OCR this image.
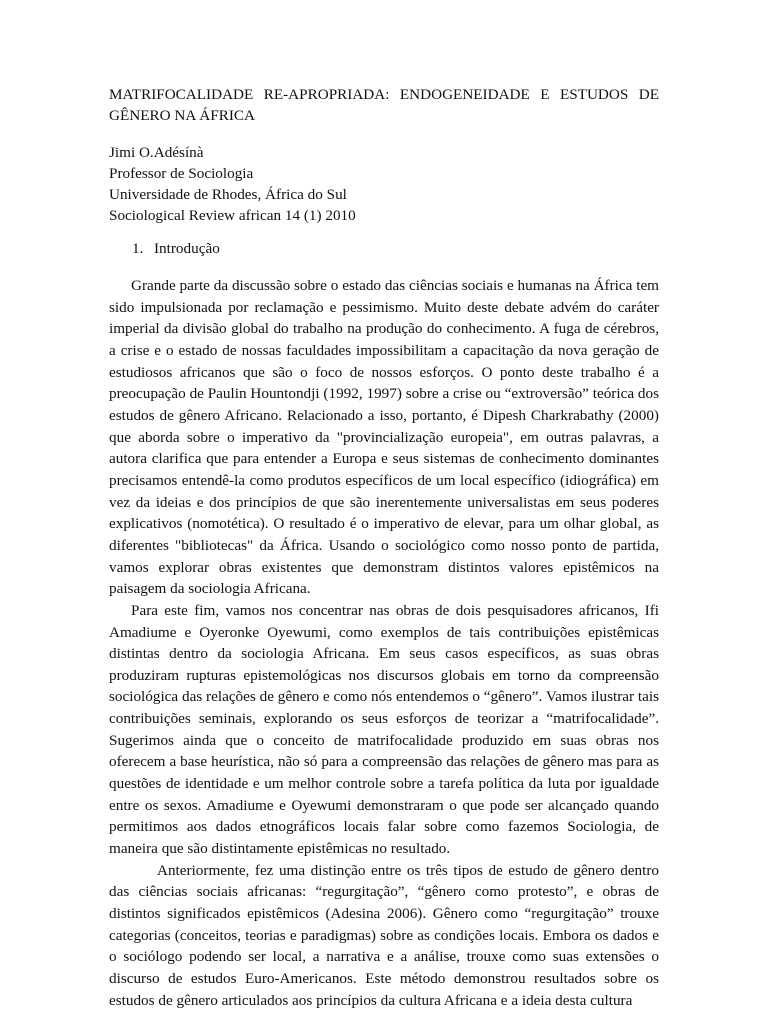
MATRIFOCALIDADE RE-APROPRIADA: ENDOGENEIDADE E ESTUDOS DE GÊNERO NA ÁFRICA
Jimi O.Adésínà
Professor de Sociologia
Universidade de Rhodes, África do Sul
Sociological Review african 14 (1) 2010
1. Introdução

Grande parte da discussão sobre o estado das ciências sociais e humanas na África tem sido impulsionada por reclamação e pessimismo. Muito deste debate advém do caráter imperial da divisão global do trabalho na produção do conhecimento. A fuga de cérebros, a crise e o estado de nossas faculdades impossibilitam a capacitação da nova geração de estudiosos africanos que são o foco de nossos esforços. O ponto deste trabalho é a preocupação de Paulin Hountondji (1992, 1997) sobre a crise ou “extroversão” teórica dos estudos de gênero Africano. Relacionado a isso, portanto, é Dipesh Charkrabathy (2000) que aborda sobre o imperativo da "provincialização europeia", em outras palavras, a autora clarifica que para entender a Europa e seus sistemas de conhecimento dominantes precisamos entendê-la como produtos específicos de um local específico (idiográfica) em vez da ideias e dos princípios de que são inerentemente universalistas em seus poderes explicativos (nomotética). O resultado é o imperativo de elevar, para um olhar global, as diferentes "bibliotecas" da África. Usando o sociológico como nosso ponto de partida, vamos explorar obras existentes que demonstram distintos valores epistêmicos na paisagem da sociologia Africana.

Para este fim, vamos nos concentrar nas obras de dois pesquisadores africanos, Ifi Amadiume e Oyeronke Oyewumi, como exemplos de tais contribuições epistêmicas distintas dentro da sociologia Africana. Em seus casos específicos, as suas obras produziram rupturas epistemológicas nos discursos globais em torno da compreensão sociológica das relações de gênero e como nós entendemos o “gênero”. Vamos ilustrar tais contribuições seminais, explorando os seus esforços de teorizar a “matrifocalidade”. Sugerimos ainda que o conceito de matrifocalidade produzido em suas obras nos oferecem a base heurística, não só para a compreensão das relações de gênero mas para as questões de identidade e um melhor controle sobre a tarefa política da luta por igualdade entre os sexos. Amadiume e Oyewumi demonstraram o que pode ser alcançado quando permitimos aos dados etnográficos locais falar sobre como fazemos Sociologia, de maneira que são distintamente epistêmicas no resultado.

Anteriormente, fez uma distinção entre os três tipos de estudo de gênero dentro das ciências sociais africanas: “regurgitação”, “gênero como protesto”, e obras de distintos significados epistêmicos (Adesina 2006). Gênero como “regurgitação” trouxe categorias (conceitos, teorias e paradigmas) sobre as condições locais. Embora os dados e o sociólogo podendo ser local, a narrativa e a análise, trouxe como suas extensões o discurso de estudos Euro-Americanos. Este método demonstrou resultados sobre os estudos de gênero articulados aos princípios da cultura Africana e a ideia desta cultura
